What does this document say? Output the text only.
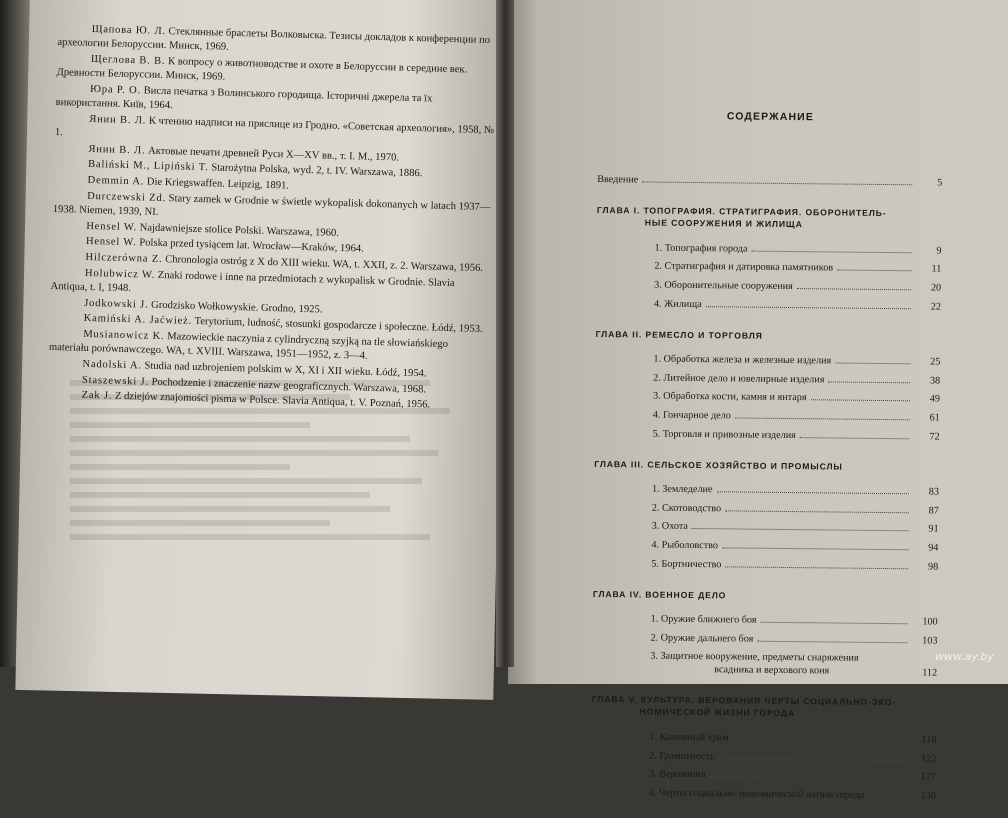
Щапова Ю. Л. Стеклянные браслеты Волковыска. Тезисы докладов к конференции по археологии Белоруссии. Минск, 1969.
Щеглова В. В. К вопросу о животноводстве и охоте в Белоруссии в середине век. Древности Белоруссии. Минск, 1969.
Юра Р. О. Висла печатка з Волинського городища. Історичні джерела та їх використання. Київ, 1964.
Янин В. Л. К чтению надписи на пряслице из Гродно. «Советская археология», 1958, № 1.
Янин В. Л. Актовые печати древней Руси X—XV вв., т. I. М., 1970.
Baliński M., Lipiński T. Starożytna Polska, wyd. 2, t. IV. Warszawa, 1886.
Demmin A. Die Kriegswaffen. Leipzig, 1891.
Durczewski Zd. Stary zamek w Grodnie w świetle wykopalisk dokonanych w latach 1937—1938. Niemen, 1939, NI.
Hensel W. Najdawniejsze stolice Polski. Warszawa, 1960.
Hensel W. Polska przed tysiącem lat. Wrocław—Kraków, 1964.
Hilczerówna Z. Chronologia ostróg z X do XIII wieku. WA, t. XXII, z. 2. Warszawa, 1956.
Holubwicz W. Znaki rodowe i inne na przedmiotach z wykopalisk w Grodnie. Slavia Antiqua, t. I, 1948.
Jodkowski J. Grodzisko Wołkowyskie. Grodno, 1925.
Kamiński A. Jaćwież. Terytorium, ludność, stosunki gospodarcze i społeczne. Łódź, 1953.
Musianowicz K. Mazowieckie naczynia z cylindryczną szyjką na tle słowiańskiego materiału porównawczego. WA, t. XVIII. Warszawa, 1951—1952, z. 3—4.
Nadolski A. Studia nad uzbrojeniem polskim w X, XI i XII wieku. Łódź, 1954.
Staszewski J. Pochodzenie i znaczenie nazw geograficznych. Warszawa, 1968.
Zak J. Z dziejów znajomości pisma w Polsce. Slavia Antiqua, t. V. Poznań, 1956.
СОДЕРЖАНИЕ
Введение	5
ГЛАВА I. ТОПОГРАФИЯ. СТРАТИГРАФИЯ. ОБОРОНИТЕЛЬ-
НЫЕ СООРУЖЕНИЯ И ЖИЛИЩА
1. Топография города	9
2. Стратиграфия и датировка памятников	11
3. Оборонительные сооружения	20
4. Жилища	22
ГЛАВА II. РЕМЕСЛО И ТОРГОВЛЯ
1. Обработка железа и железные изделия	25
2. Литейное дело и ювелирные изделия	38
3. Обработка кости, камня и янтаря	49
4. Гончарное дело	61
5. Торговля и привозные изделия	72
ГЛАВА III. СЕЛЬСКОЕ ХОЗЯЙСТВО И ПРОМЫСЛЫ
1. Земледелие	83
2. Скотоводство	87
3. Охота	91
4. Рыболовство	94
5. Бортничество	98
ГЛАВА IV. ВОЕННОЕ ДЕЛО
1. Оружие ближнего боя	100
2. Оружие дальнего боя	103
3. Защитное вооружение, предметы снаряжения
всадника и верхового коня	112
ГЛАВА V. КУЛЬТУРА. ВЕРОВАНИЯ ЧЕРТЫ СОЦИАЛЬНО-ЭКО-
НОМИЧЕСКОЙ ЖИЗНИ ГОРОДА
1. Каменный храм	118
2. Грамотность	122
3. Верования	127
4. Черты социально-экономической жизни города	130
www.ay.by
